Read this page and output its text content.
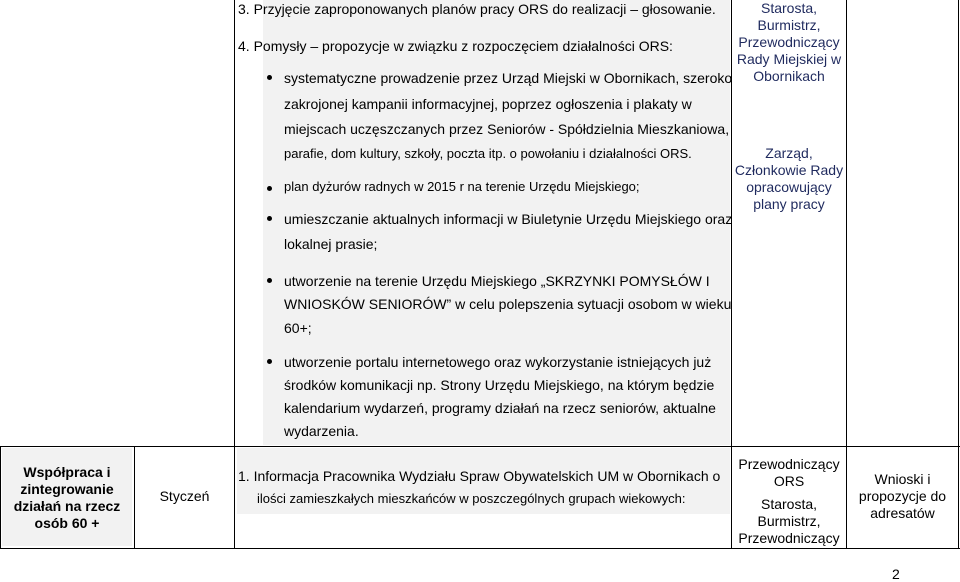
3. Przyjęcie zaproponowanych planów pracy ORS do realizacji – głosowanie.
4. Pomysły – propozycje w związku z rozpoczęciem działalności ORS:
systematyczne prowadzenie przez Urząd Miejski w Obornikach, szeroko
zakrojonej kampanii informacyjnej, poprzez ogłoszenia i plakaty w
miejscach uczęszczanych przez Seniorów - Spółdzielnia Mieszkaniowa,
parafie, dom kultury, szkoły, poczta itp. o powołaniu i działalności ORS.
plan dyżurów radnych w 2015 r na terenie Urzędu Miejskiego;
umieszczanie aktualnych informacji w Biuletynie Urzędu Miejskiego oraz
lokalnej prasie;
utworzenie na terenie Urzędu Miejskiego „SKRZYNKI POMYSŁÓW I
WNIOSKÓW SENIORÓW” w celu polepszenia sytuacji osobom w wieku
60+;
utworzenie portalu internetowego oraz wykorzystanie istniejących już
środków komunikacji np. Strony Urzędu Miejskiego, na którym będzie
kalendarium wydarzeń, programy działań na rzecz seniorów, aktualne
wydarzenia.
Starosta,
Burmistrz,
Przewodniczący
Rady Miejskiej w
Obornikach
Zarząd,
Członkowie Rady
opracowujący
plany pracy
Współpraca i
zintegrowanie
działań na rzecz
osób 60 +
Styczeń
1. Informacja Pracownika Wydziału Spraw Obywatelskich UM w Obornikach o
ilości zamieszkałych mieszkańców w poszczególnych grupach wiekowych:
Przewodniczący
ORS
Starosta,
Burmistrz,
Przewodniczący
Wnioski i
propozycje do
adresatów
2
